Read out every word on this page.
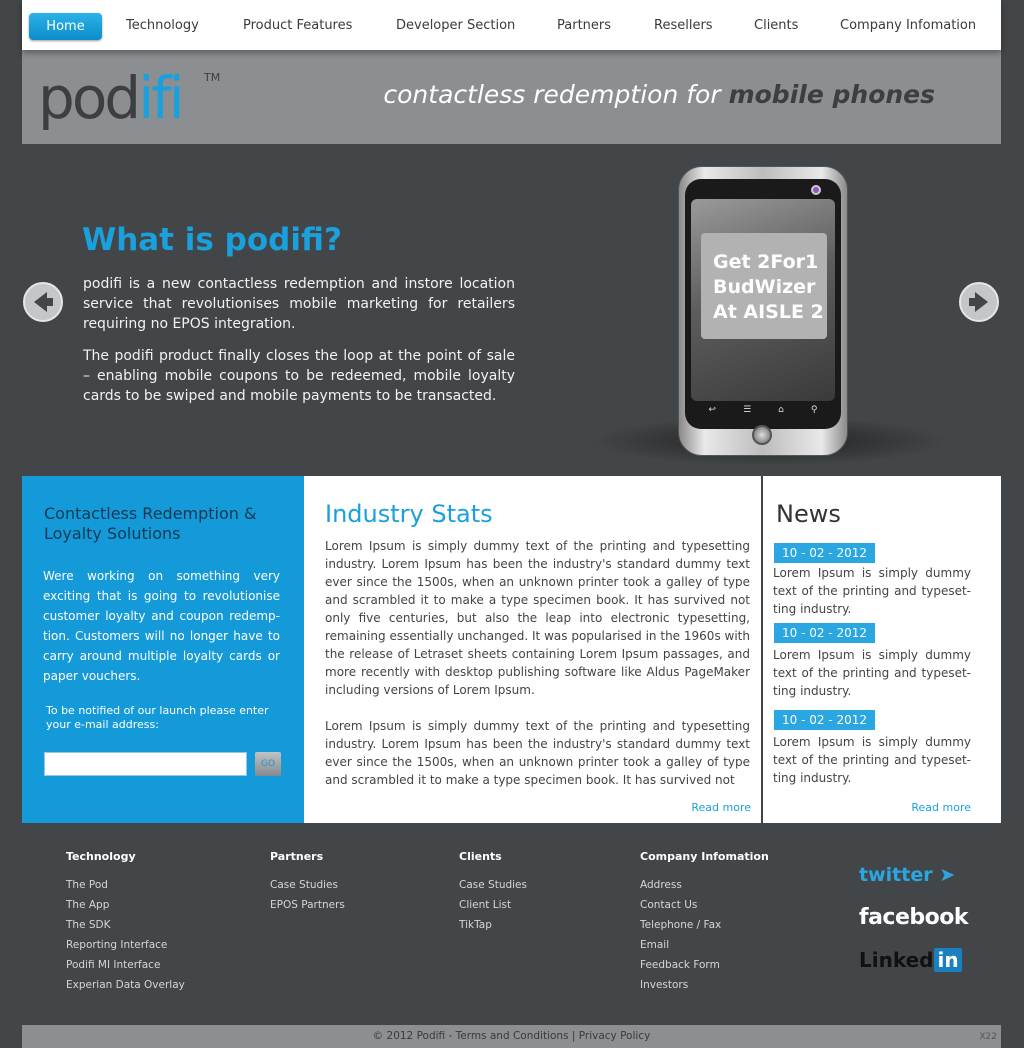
Home	Technology	Product Features	Developer Section	Partners	Resellers	Clients	Company Infomation
podifi TM
contactless redemption for mobile phones
What is podifi?

podifi is a new contactless redemption and instore location service that revolutionises mobile marketing for retailers requiring no EPOS integration.

The podifi product finally closes the loop at the point of sale – enabling mobile coupons to be redeemed, mobile loyalty cards to be swiped and mobile payments to be transacted.

Get 2For1
BudWizer
At AISLE 2
↩	☰	⌂	⚲
Contactless Redemption & Loyalty Solutions

Were working on something very exciting that is going to revolutionise customer loyalty and coupon redemp-tion. Customers will no longer have to carry around multiple loyalty cards or paper vouchers.

To be notified of our launch please enter your e-mail address:

GO
Industry Stats

Lorem Ipsum is simply dummy text of the printing and typesetting industry. Lorem Ipsum has been the industry's standard dummy text ever since the 1500s, when an unknown printer took a galley of type and scrambled it to make a type specimen book. It has survived not only five centuries, but also the leap into electronic typesetting, remaining essentially unchanged. It was popularised in the 1960s with the release of Letraset sheets containing Lorem Ipsum passages, and more recently with desktop publishing software like Aldus PageMaker including versions of Lorem Ipsum.

Lorem Ipsum is simply dummy text of the printing and typesetting industry. Lorem Ipsum has been the industry's standard dummy text ever since the 1500s, when an unknown printer took a galley of type and scrambled it to make a type specimen book. It has survived not

Read more
News
10 - 02 - 2012

Lorem Ipsum is simply dummy text of the printing and typeset-ting industry.

10 - 02 - 2012

Lorem Ipsum is simply dummy text of the printing and typeset-ting industry.

10 - 02 - 2012

Lorem Ipsum is simply dummy text of the printing and typeset-ting industry.

Read more
Technology
The Pod
The App
The SDK
Reporting Interface
Podifi MI Interface
Experian Data Overlay
Partners
Case Studies
EPOS Partners
Clients
Case Studies
Client List
TikTap
Company Infomation
Address
Contact Us
Telephone / Fax
Email
Feedback Form
Investors
twitter ➤
facebook
Linked in
© 2012 Podifi - Terms and Conditions | Privacy Policy	X22
